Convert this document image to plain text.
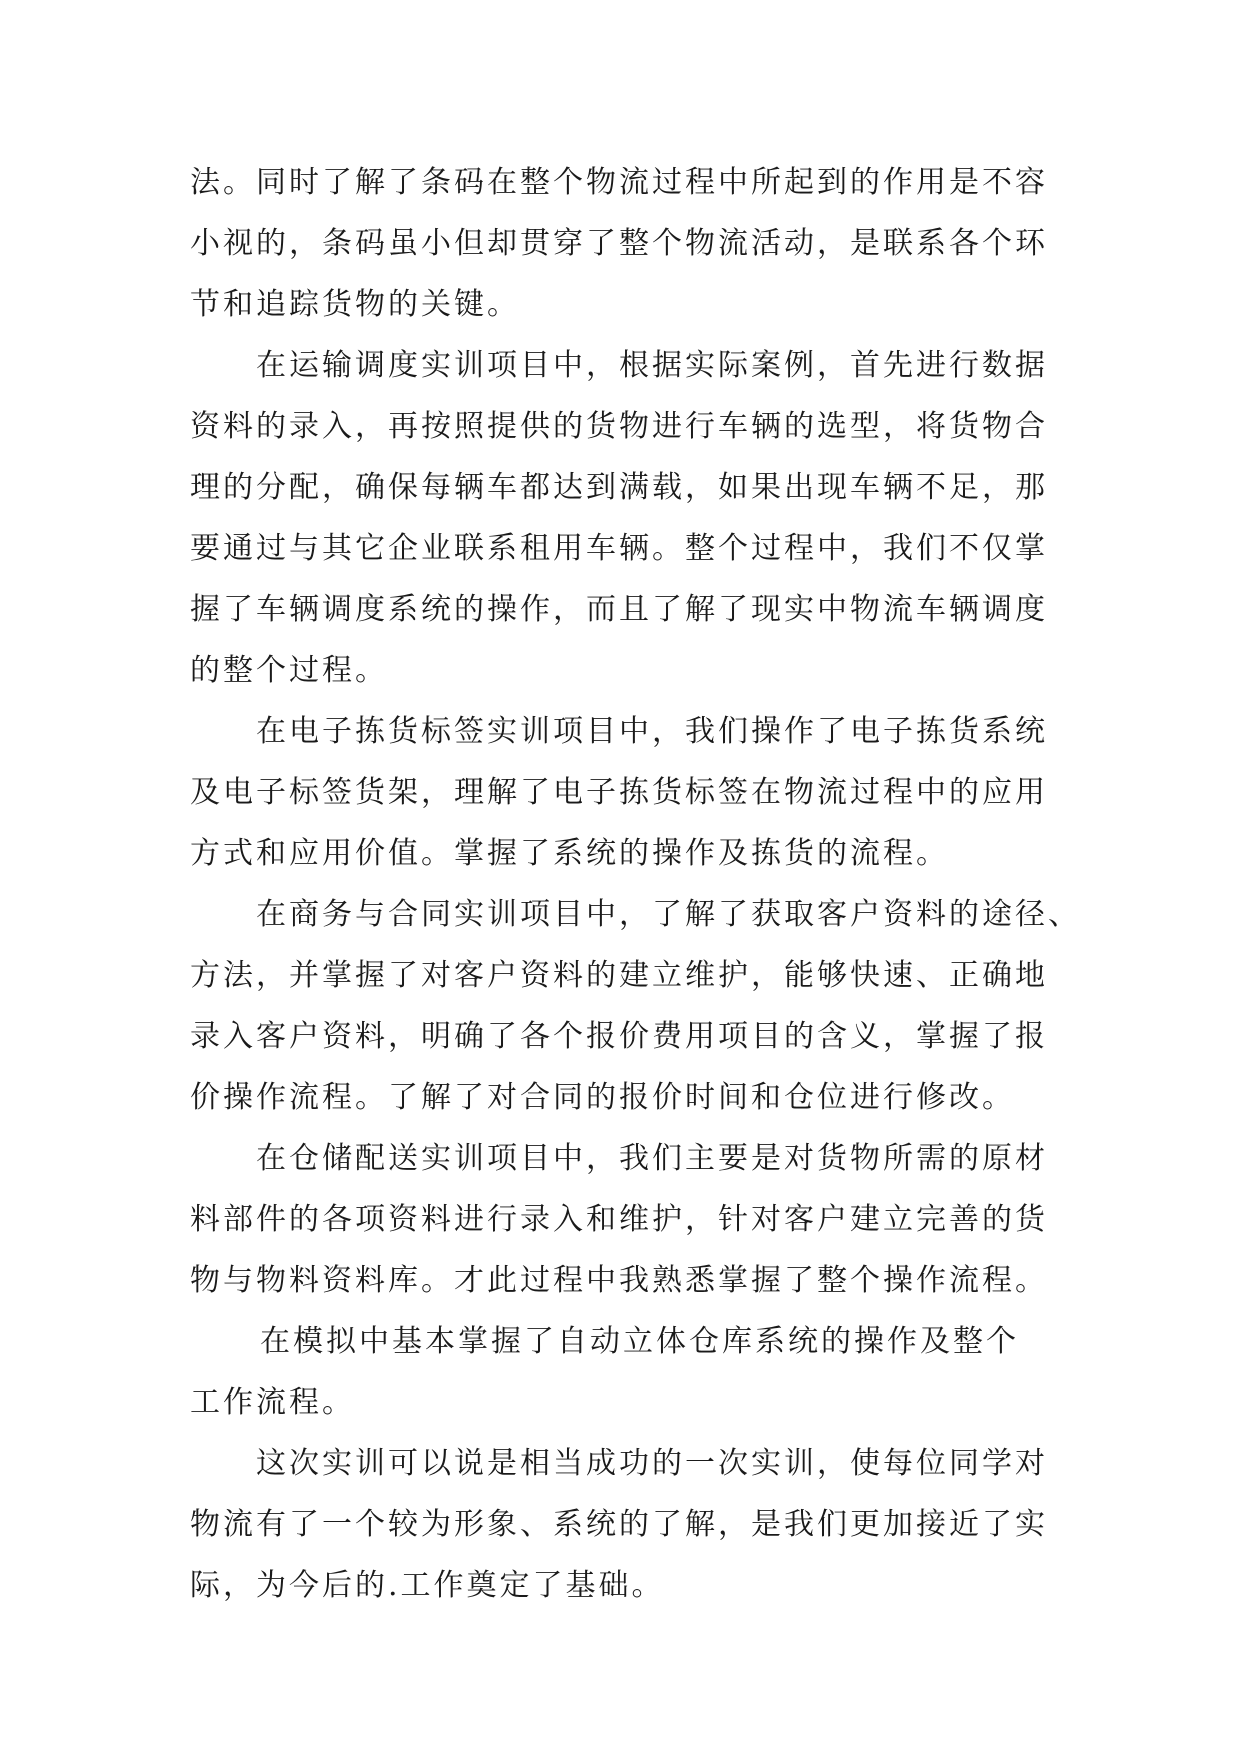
法。同时了解了条码在整个物流过程中所起到的作用是不容
小视的，条码虽小但却贯穿了整个物流活动，是联系各个环
节和追踪货物的关键。
在运输调度实训项目中，根据实际案例，首先进行数据
资料的录入，再按照提供的货物进行车辆的选型，将货物合
理的分配，确保每辆车都达到满载，如果出现车辆不足，那
要通过与其它企业联系租用车辆。整个过程中，我们不仅掌
握了车辆调度系统的操作，而且了解了现实中物流车辆调度
的整个过程。
在电子拣货标签实训项目中，我们操作了电子拣货系统
及电子标签货架，理解了电子拣货标签在物流过程中的应用
方式和应用价值。掌握了系统的操作及拣货的流程。
在商务与合同实训项目中，了解了获取客户资料的途径、
方法，并掌握了对客户资料的建立维护，能够快速、正确地
录入客户资料，明确了各个报价费用项目的含义，掌握了报
价操作流程。了解了对合同的报价时间和仓位进行修改。
在仓储配送实训项目中，我们主要是对货物所需的原材
料部件的各项资料进行录入和维护，针对客户建立完善的货
物与物料资料库。才此过程中我熟悉掌握了整个操作流程。
在模拟中基本掌握了自动立体仓库系统的操作及整个
工作流程。
这次实训可以说是相当成功的一次实训，使每位同学对
物流有了一个较为形象、系统的了解，是我们更加接近了实
际，为今后的.工作奠定了基础。
